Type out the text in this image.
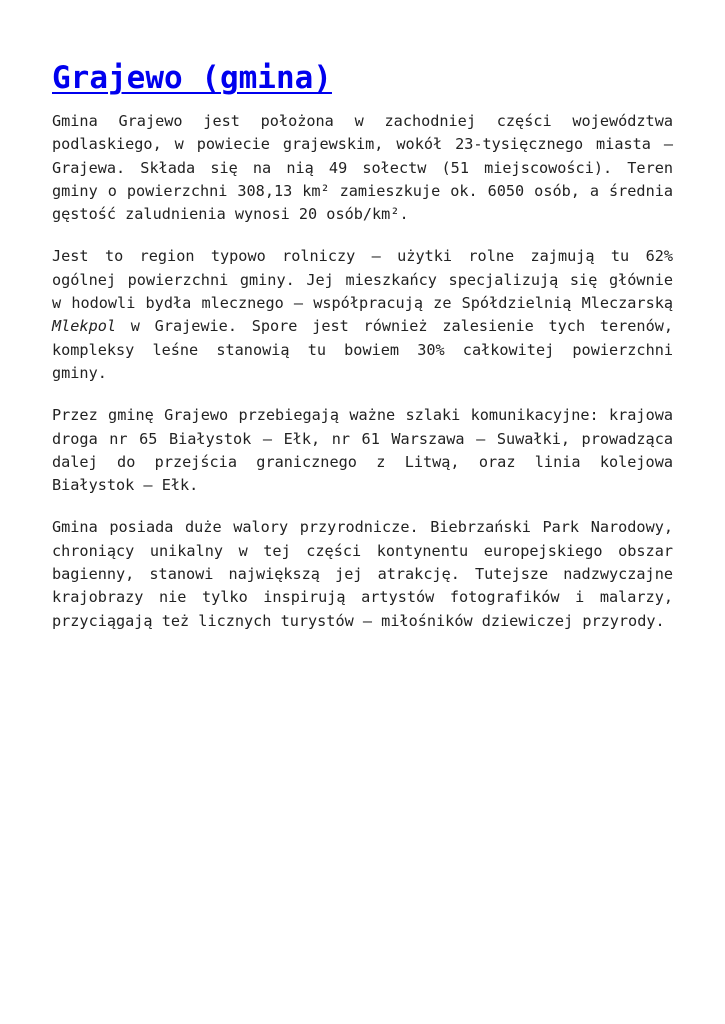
Grajewo (gmina)

Gmina Grajewo jest położona w zachodniej części województwa podlaskiego, w powiecie grajewskim, wokół 23-tysięcznego miasta – Grajewa. Składa się na nią 49 sołectw (51 miejscowości). Teren gminy o powierzchni 308,13 km² zamieszkuje ok. 6050 osób, a średnia gęstość zaludnienia wynosi 20 osób/km².

Jest to region typowo rolniczy – użytki rolne zajmują tu 62% ogólnej powierzchni gminy. Jej mieszkańcy specjalizują się głównie w hodowli bydła mlecznego – współpracują ze Spółdzielnią Mleczarską Mlekpol w Grajewie. Spore jest również zalesienie tych terenów, kompleksy leśne stanowią tu bowiem 30% całkowitej powierzchni gminy.

Przez gminę Grajewo przebiegają ważne szlaki komunikacyjne: krajowa droga nr 65 Białystok – Ełk, nr 61 Warszawa – Suwałki, prowadząca dalej do przejścia granicznego z Litwą, oraz linia kolejowa Białystok – Ełk.

Gmina posiada duże walory przyrodnicze. Biebrzański Park Narodowy, chroniący unikalny w tej części kontynentu europejskiego obszar bagienny, stanowi największą jej atrakcję. Tutejsze nadzwyczajne krajobrazy nie tylko inspirują artystów fotografików i malarzy, przyciągają też licznych turystów – miłośników dziewiczej przyrody.
